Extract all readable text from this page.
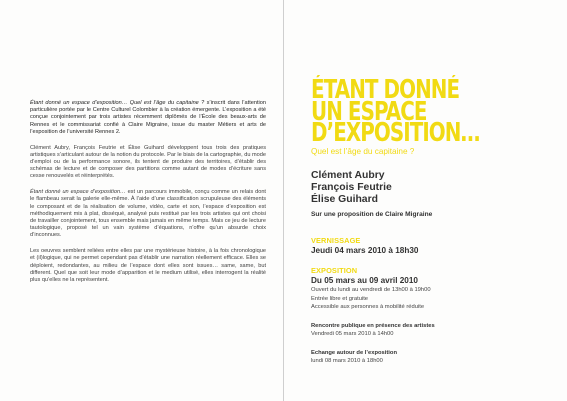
Étant donné un espace d’exposition… Quel est l’âge du capitaine ? s’inscrit dans l’attention particulière portée par le Centre Culturel Colombier à la création émergente. L’exposition a été conçue conjointement par trois artistes récemment diplômés de l’École des beaux-arts de Rennes et le commissariat confié à Claire Migraine, issue du master Métiers et arts de l’exposition de l’université Rennes 2.

Clément Aubry, François Feutrie et Élise Guihard développent tous trois des pratiques artistiques s’articulant autour de la notion du protocole. Par le biais de la cartographie, du mode d’emploi ou de la performance sonore, ils tentent de produire des territoires, d’établir des schémas de lecture et de composer des partitions comme autant de modes d’écriture sans cesse renouvelés et réinterprétés.

Étant donné un espace d’exposition… est un parcours immobile, conçu comme un relais dont le flambeau serait la galerie elle-même. À l’aide d’une classification scrupuleuse des éléments le composant et de la réalisation de volume, vidéo, carte et son, l’espace d’exposition est méthodiquement mis à plat, disséqué, analysé puis restitué par les trois artistes qui ont choisi de travailler conjointement, tous ensemble mais jamais en même temps. Mais ce jeu de lecture tautologique, proposé tel un vain système d’équations, n’offre qu’un absurde choix d’inconnues.

Les oeuvres semblent reliées entre elles par une mystérieuse histoire, à la fois chronologique et (il)logique, qui ne permet cependant pas d’établir une narration réellement efficace. Elles se déploient, redondantes, au milieu de l’espace dont elles sont issues… same, same, but different. Quel que soit leur mode d’apparition et le medium utilisé, elles interrogent la réalité plus qu’elles ne la représentent.

ÉTANT DONNÉ
UN ESPACE
D’EXPOSITION…
Quel est l’âge du capitaine ?
Clément Aubry
François Feutrie
Élise Guihard
Sur une proposition de Claire Migraine
VERNISSAGE
Jeudi 04 mars 2010 à 18h30
EXPOSITION
Du 05 mars au 09 avril 2010
Ouvert du lundi au vendredi de 13h00 à 19h00
Entrée libre et gratuite
Accessible aux personnes à mobilité réduite
Rencontre publique en présence des artistes
Vendredi 05 mars 2010 à 14h00
Echange autour de l’exposition
lundi 08 mars 2010 à 18h00
